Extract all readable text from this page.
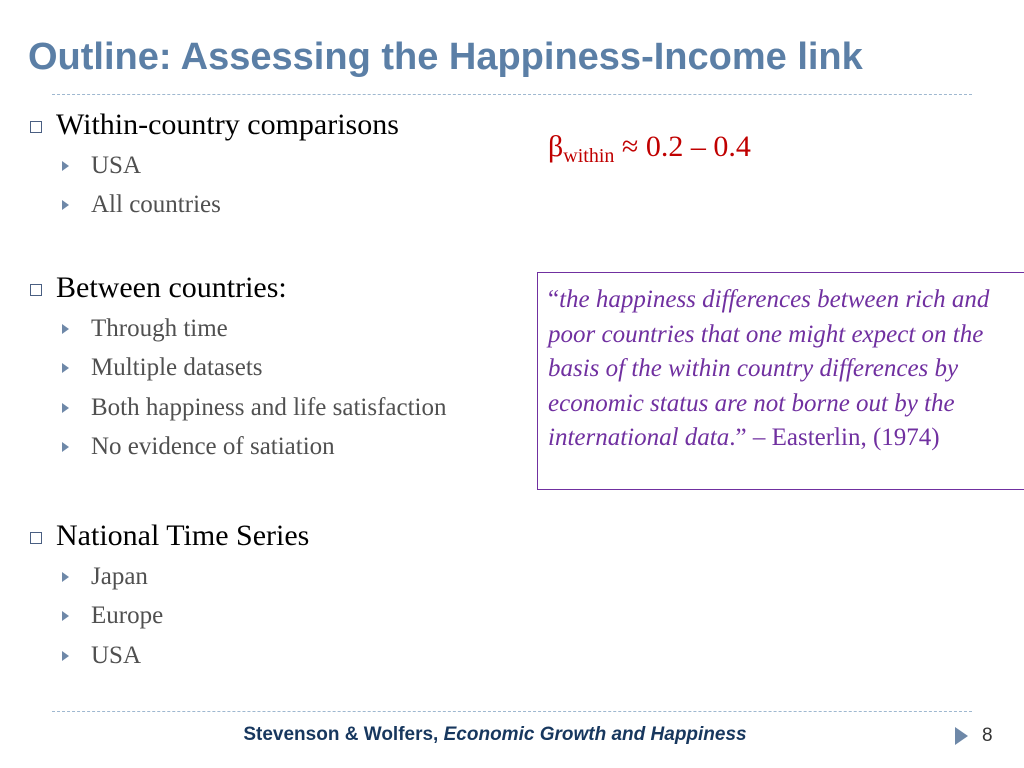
Outline: Assessing the Happiness-Income link
Within-country comparisons
USA
All countries
Between countries:
Through time
Multiple datasets
Both happiness and life satisfaction
No evidence of satiation
National Time Series
Japan
Europe
USA
$\beta_{within} \approx 0.2 - 0.4$
“the happiness differences between rich and poor countries that one might expect on the basis of the within country differences by economic status are not borne out by the international data.” – Easterlin, (1974)
Stevenson & Wolfers, Economic Growth and Happiness	8
